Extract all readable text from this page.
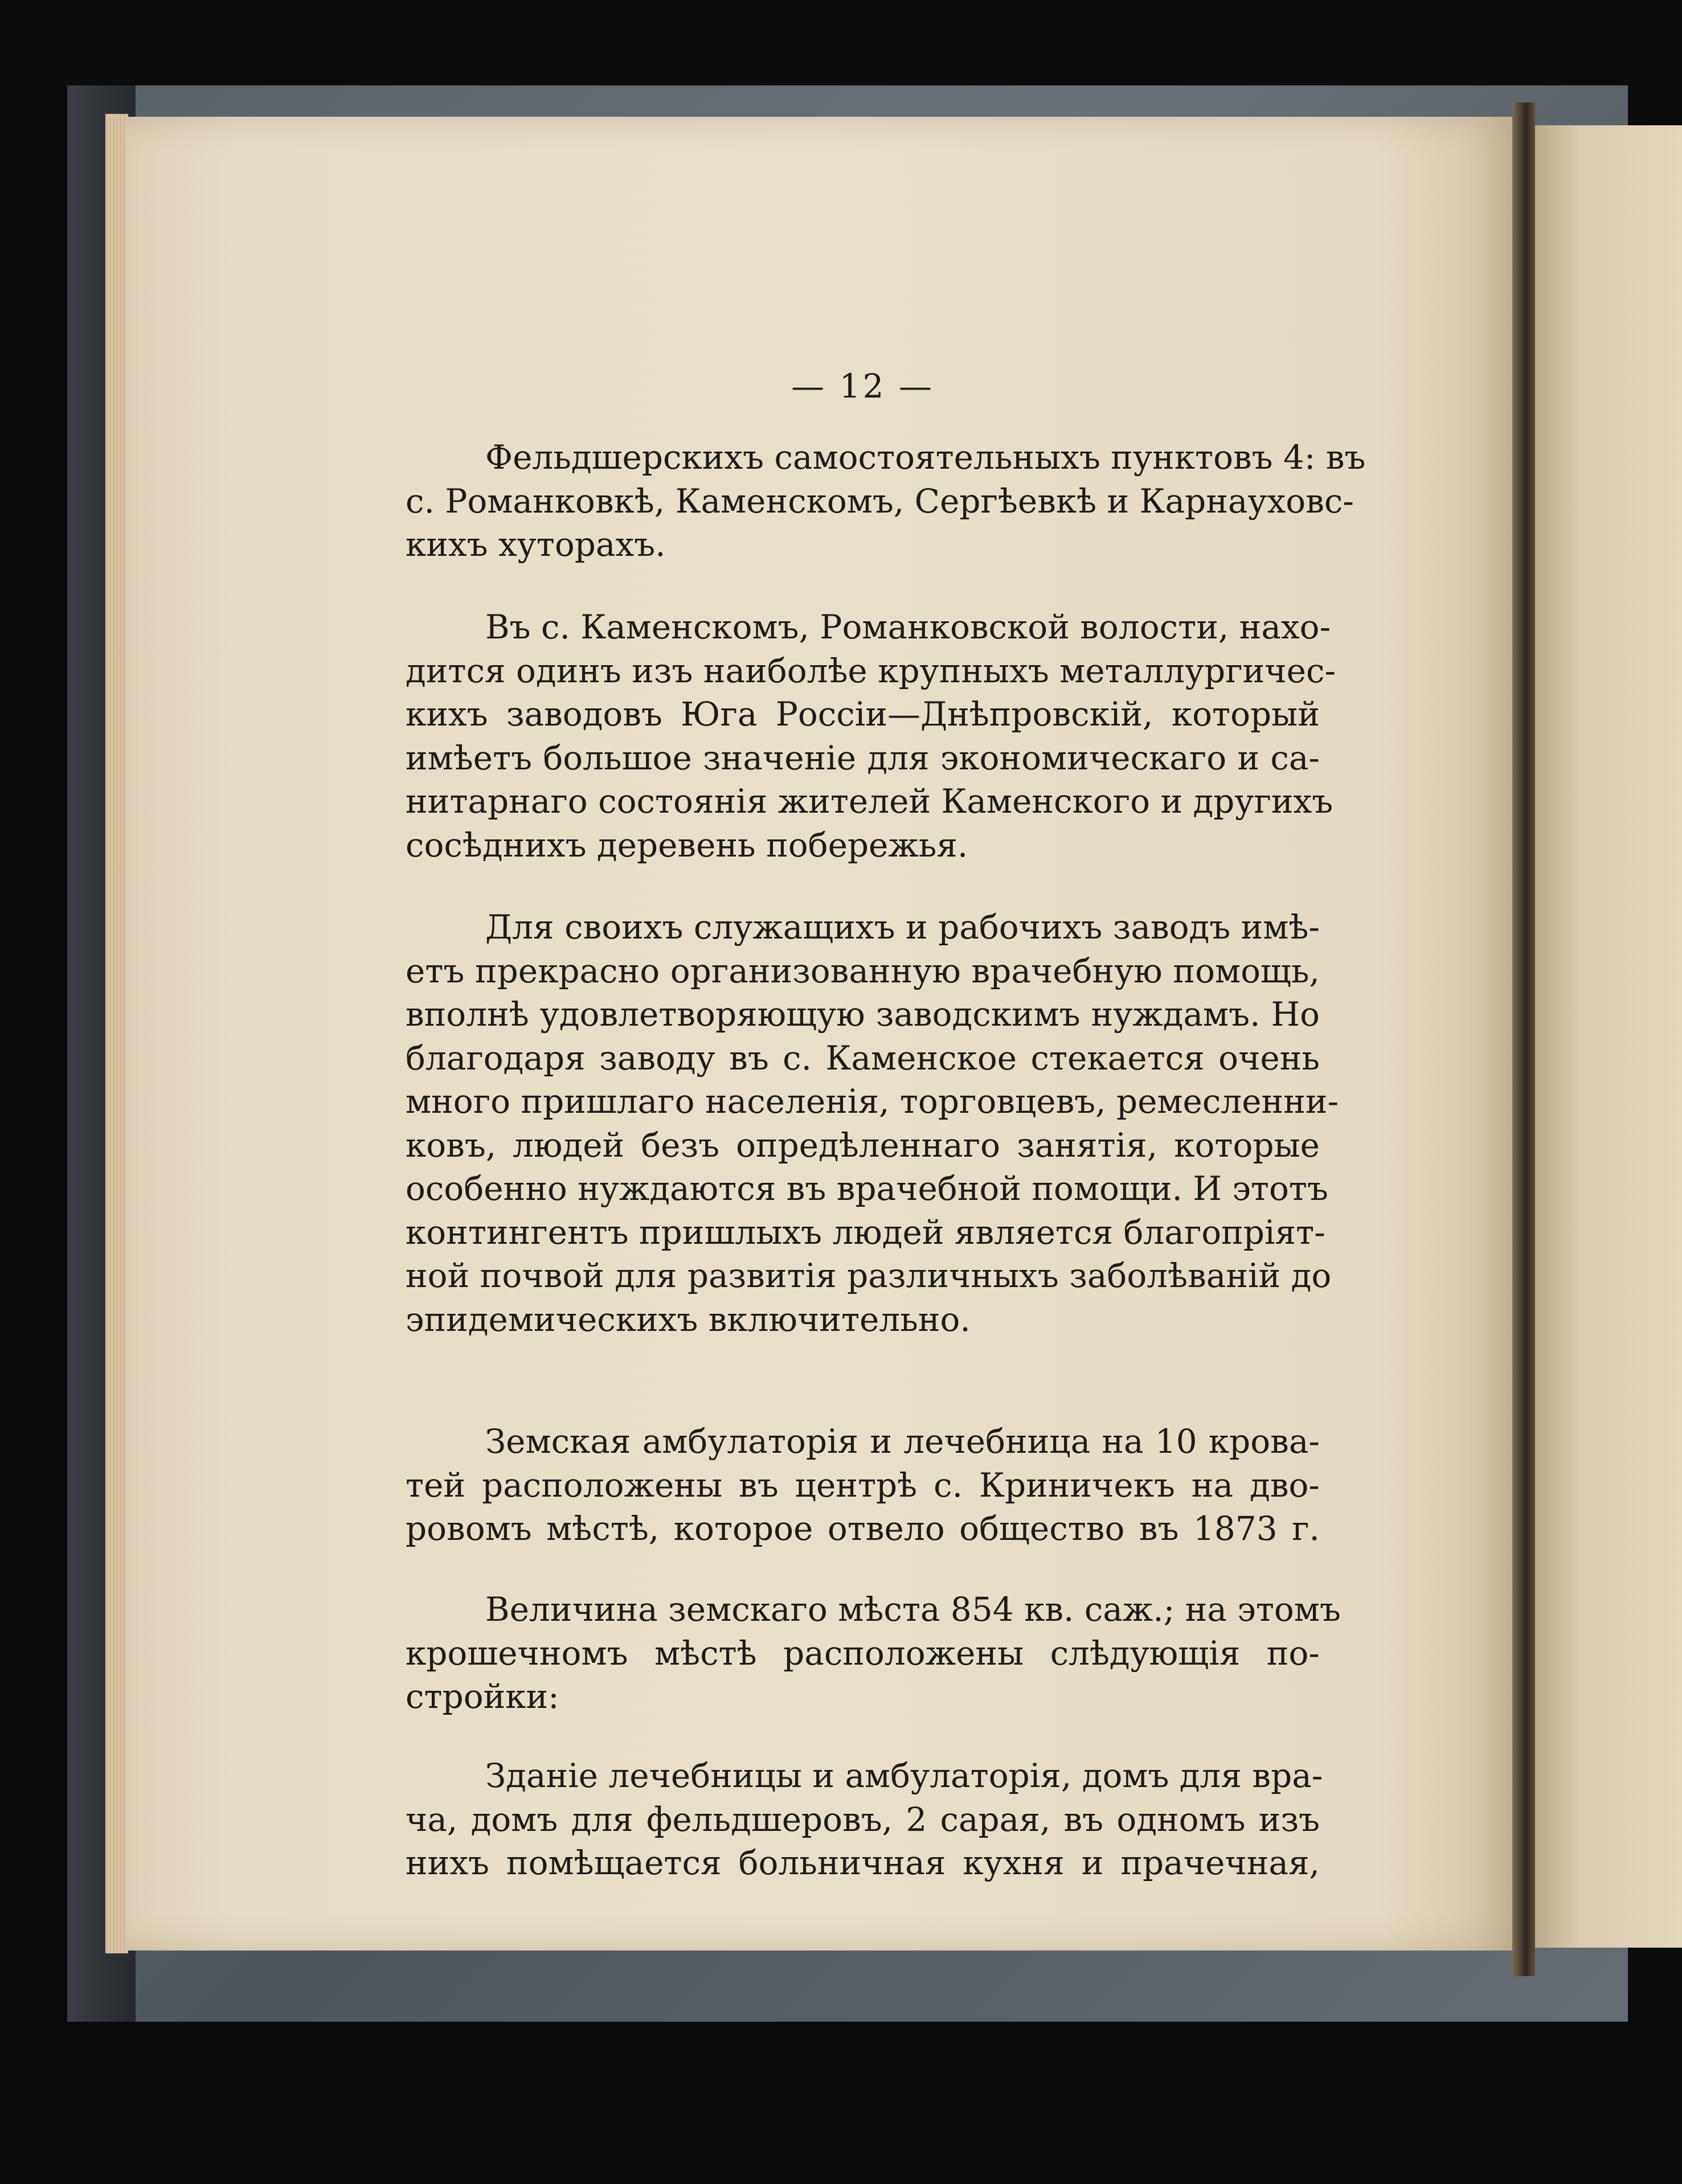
— 12 —
Фельдшерскихъ самостоятельныхъ пунктовъ 4: въ
с. Романковкѣ, Каменскомъ, Сергѣевкѣ и Карнауховс-
кихъ хуторахъ.
Въ с. Каменскомъ, Романковской волости, нахо-
дится одинъ изъ наиболѣе крупныхъ металлургичес-
кихъ заводовъ Юга Россіи—Днѣпровскій, который
имѣетъ большое значеніе для экономическаго и са-
нитарнаго состоянія жителей Каменского и другихъ
сосѣднихъ деревень побережья.
Для своихъ служащихъ и рабочихъ заводъ имѣ-
етъ прекрасно организованную врачебную помощь,
вполнѣ удовлетворяющую заводскимъ нуждамъ. Но
благодаря заводу въ с. Каменское стекается очень
много пришлаго населенія, торговцевъ, ремесленни-
ковъ, людей безъ опредѣленнаго занятія, которые
особенно нуждаются въ врачебной помощи. И этотъ
контингентъ пришлыхъ людей является благопріят-
ной почвой для развитія различныхъ заболѣваній до
эпидемическихъ включительно.
Земская амбулаторія и лечебница на 10 крова-
тей расположены въ центрѣ с. Криничекъ на дво-
ровомъ мѣстѣ, которое отвело общество въ 1873 г.
Величина земскаго мѣста 854 кв. саж.; на этомъ
крошечномъ мѣстѣ расположены слѣдующія по-
стройки:
Зданіе лечебницы и амбулаторія, домъ для вра-
ча, домъ для фельдшеровъ, 2 сарая, въ одномъ изъ
нихъ помѣщается больничная кухня и прачечная,
